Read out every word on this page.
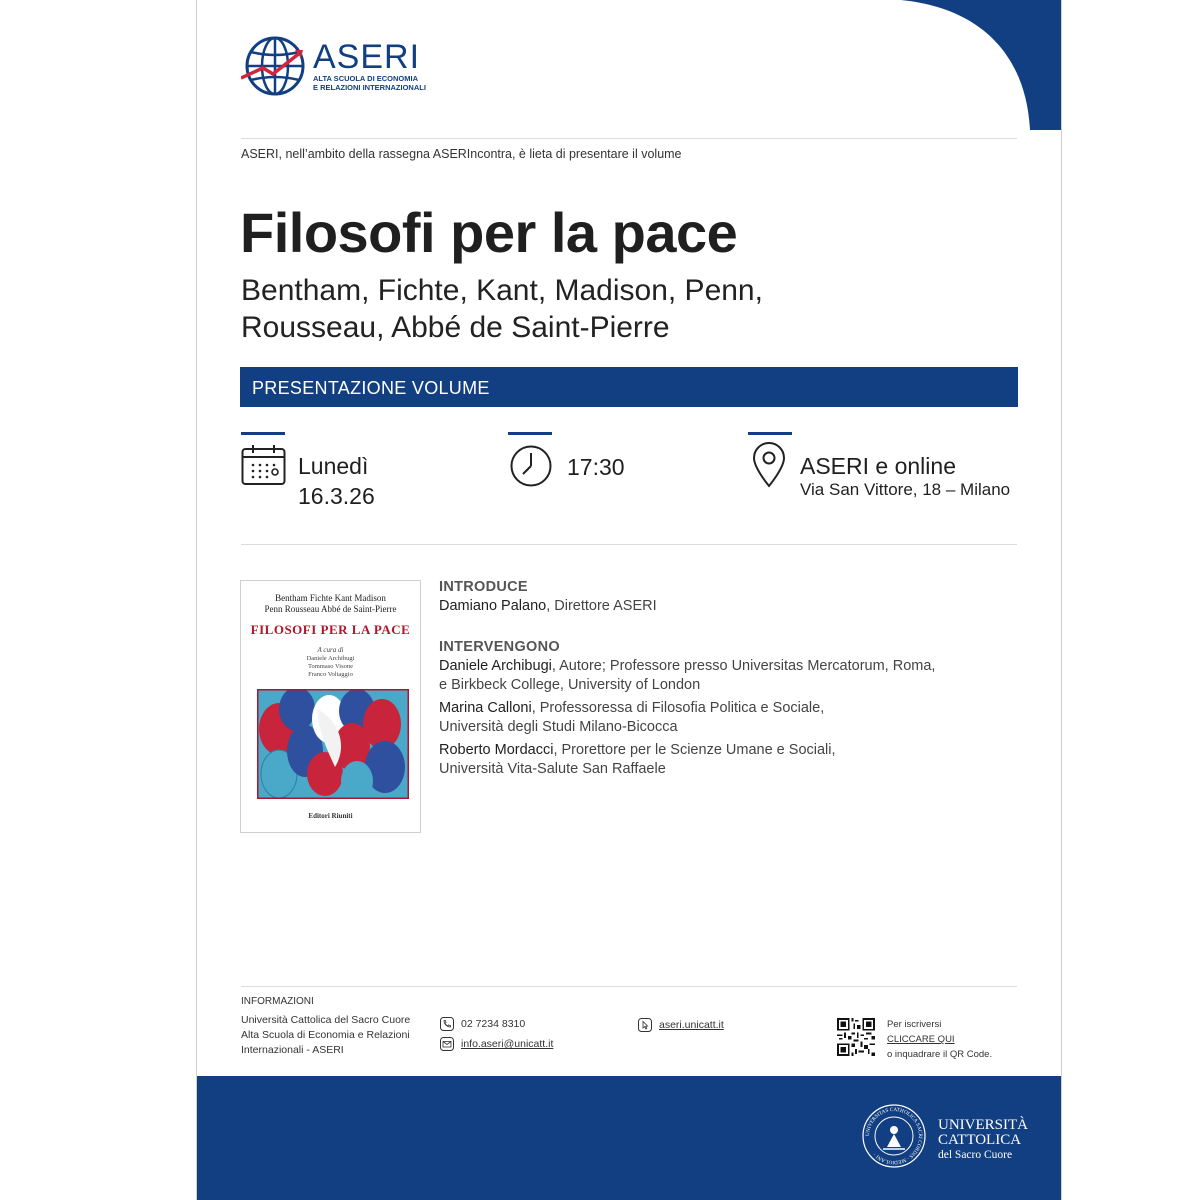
ASERI
ALTA SCUOLA DI ECONOMIA
E RELAZIONI INTERNAZIONALI
ASERI, nell’ambito della rassegna ASERIncontra, è lieta di presentare il volume
Filosofi per la pace
Bentham, Fichte, Kant, Madison, Penn,
Rousseau, Abbé de Saint-Pierre
PRESENTAZIONE VOLUME
Lunedì
16.3.26
17:30	ASERI e online
Via San Vittore, 18 – Milano
Bentham Fichte Kant Madison
Penn Rousseau Abbé de Saint-Pierre
FILOSOFI PER LA PACE
A cura di
Daniele Archibugi
Tommaso Visone
Franco Voltaggio
Editori Riuniti
INTRODUCE
Damiano Palano, Direttore ASERI
INTERVENGONO
Daniele Archibugi, Autore; Professore presso Universitas Mercatorum, Roma,
e Birkbeck College, University of London
Marina Calloni, Professoressa di Filosofia Politica e Sociale,
Università degli Studi Milano-Bicocca
Roberto Mordacci, Prorettore per le Scienze Umane e Sociali,
Università Vita-Salute San Raffaele
INFORMAZIONI
Università Cattolica del Sacro Cuore
Alta Scuola di Economia e Relazioni
Internazionali - ASERI
02 7234 8310
info.aseri@unicatt.it
aseri.unicatt.it	Per iscriversi
CLICCARE QUI
o inquadrare il QR Code.
UNIVERSITAS CATHOLICA SACRI CORDIS · MEDIOLANI ·
UNIVERSITÀ
CATTOLICA
del Sacro Cuore
